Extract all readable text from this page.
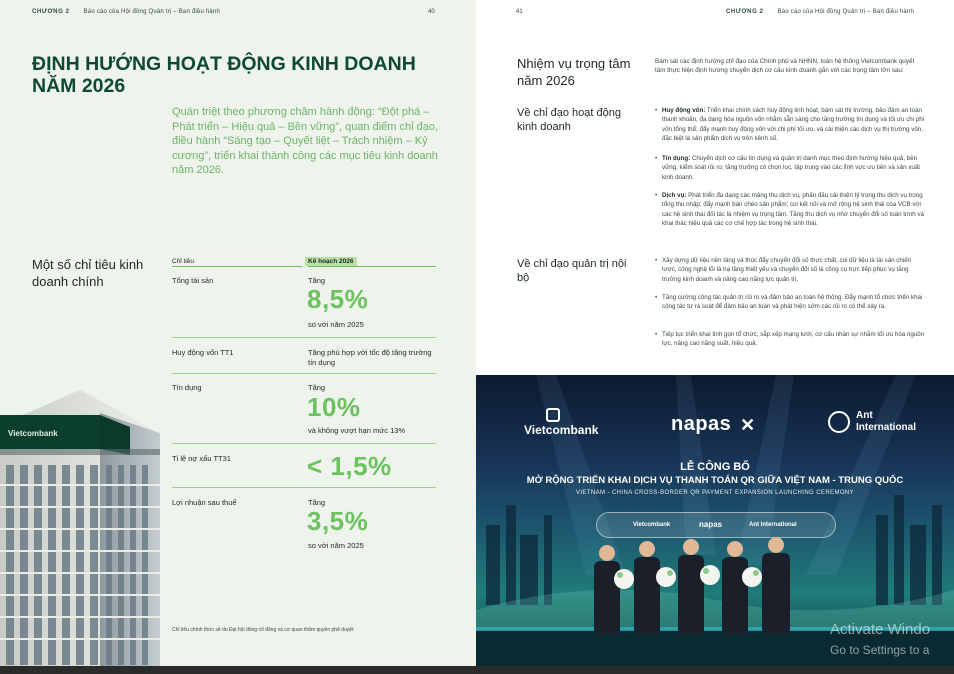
CHƯƠNG 2 Báo cáo của Hội đồng Quản trị – Ban điều hành	40
ĐỊNH HƯỚNG HOẠT ĐỘNG KINH DOANH NĂM 2026
Quán triệt theo phương châm hành động: “Đột phá – Phát triển – Hiệu quả – Bền vững”, quan điểm chỉ đạo, điều hành “Sáng tạo – Quyết liệt – Trách nhiệm – Kỷ cương”, triển khai thành công các mục tiêu kinh doanh năm 2026.
Một số chỉ tiêu kinh doanh chính
Chỉ tiêu	Kế hoạch 2026
Tổng tài sản	Tăng
8,5%
so với năm 2025
Huy động vốn TT1	Tăng phù hợp với tốc độ tăng trưởng tín dụng
Tín dụng	Tăng
10%
và không vượt hạn mức 13%
Tỉ lệ nợ xấu TT31	< 1,5%
Lợi nhuận sau thuế	Tăng
3,5%
so với năm 2025
Chỉ tiêu chính thức sẽ do Đại hội đồng cổ đông và cơ quan thẩm quyền phê duyệt
Vietcombank
41	CHƯƠNG 2 Báo cáo của Hội đồng Quản trị – Ban điều hành
Nhiệm vụ trọng tâm năm 2026
Bám sát các định hướng chỉ đạo của Chính phủ và NHNN, toàn hệ thống Vietcombank quyết tâm thực hiện định hướng chuyển dịch cơ cấu kinh doanh gắn với các trọng tâm lớn sau:
Về chỉ đạo hoạt động kinh doanh
• Huy động vốn: Triển khai chính sách huy động linh hoạt, bám sát thị trường, bảo đảm an toàn thanh khoản, đa dạng hóa nguồn vốn nhằm sẵn sàng cho tăng trưởng tín dụng và tối ưu chi phí vốn tổng thể; đẩy mạnh huy động vốn với chi phí tối ưu, và cải thiện các dịch vụ thị trường vốn, đặc biệt là sản phẩm dịch vụ trên kênh số.
• Tín dụng: Chuyển dịch cơ cấu tín dụng và quản trị danh mục theo định hướng hiệu quả, bền vững, kiểm soát rủi ro; tăng trưởng có chọn lọc, tập trung vào các lĩnh vực ưu tiên và sản xuất kinh doanh.
• Dịch vụ: Phát triển đa dạng các mảng thu dịch vụ, phấn đấu cải thiện tỷ trọng thu dịch vụ trong tổng thu nhập; đẩy mạnh bán chéo sản phẩm; coi kết nối và mở rộng hệ sinh thái của VCB với các hệ sinh thái đối tác là nhiệm vụ trọng tâm. Tăng thu dịch vụ nhờ chuyển đổi số toàn trình và khai thác hiệu quả các cơ chế hợp tác trong hệ sinh thái.
Về chỉ đạo quản trị nội bộ
• Xây dựng dữ liệu nền tảng và thúc đẩy chuyển đổi số thực chất, coi dữ liệu là tài sản chiến lược, công nghệ lõi là hạ tầng thiết yếu và chuyển đổi số là công cụ trực tiếp phục vụ tăng trưởng kinh doanh và nâng cao năng lực quản trị.
• Tăng cường công tác quản trị rủi ro và đảm bảo an toàn hệ thống. Đẩy mạnh tổ chức triển khai công tác tự rà soát để đảm bảo an toàn và phát hiện sớm các rủi ro có thể xảy ra.
• Tiếp tục triển khai tinh gọn tổ chức, sắp xếp mạng lưới, cơ cấu nhân sự nhằm tối ưu hóa nguồn lực, nâng cao năng suất, hiệu quả.
Vietcombank	napas ✕	Ant
International
LỄ CÔNG BỐ
MỞ RỘNG TRIỂN KHAI DỊCH VỤ THANH TOÁN QR GIỮA VIỆT NAM - TRUNG QUỐC
VIETNAM - CHINA CROSS-BORDER QR PAYMENT EXPANSION LAUNCHING CEREMONY
Vietcombank	napas	Ant International
Activate Windo
Go to Settings to a
